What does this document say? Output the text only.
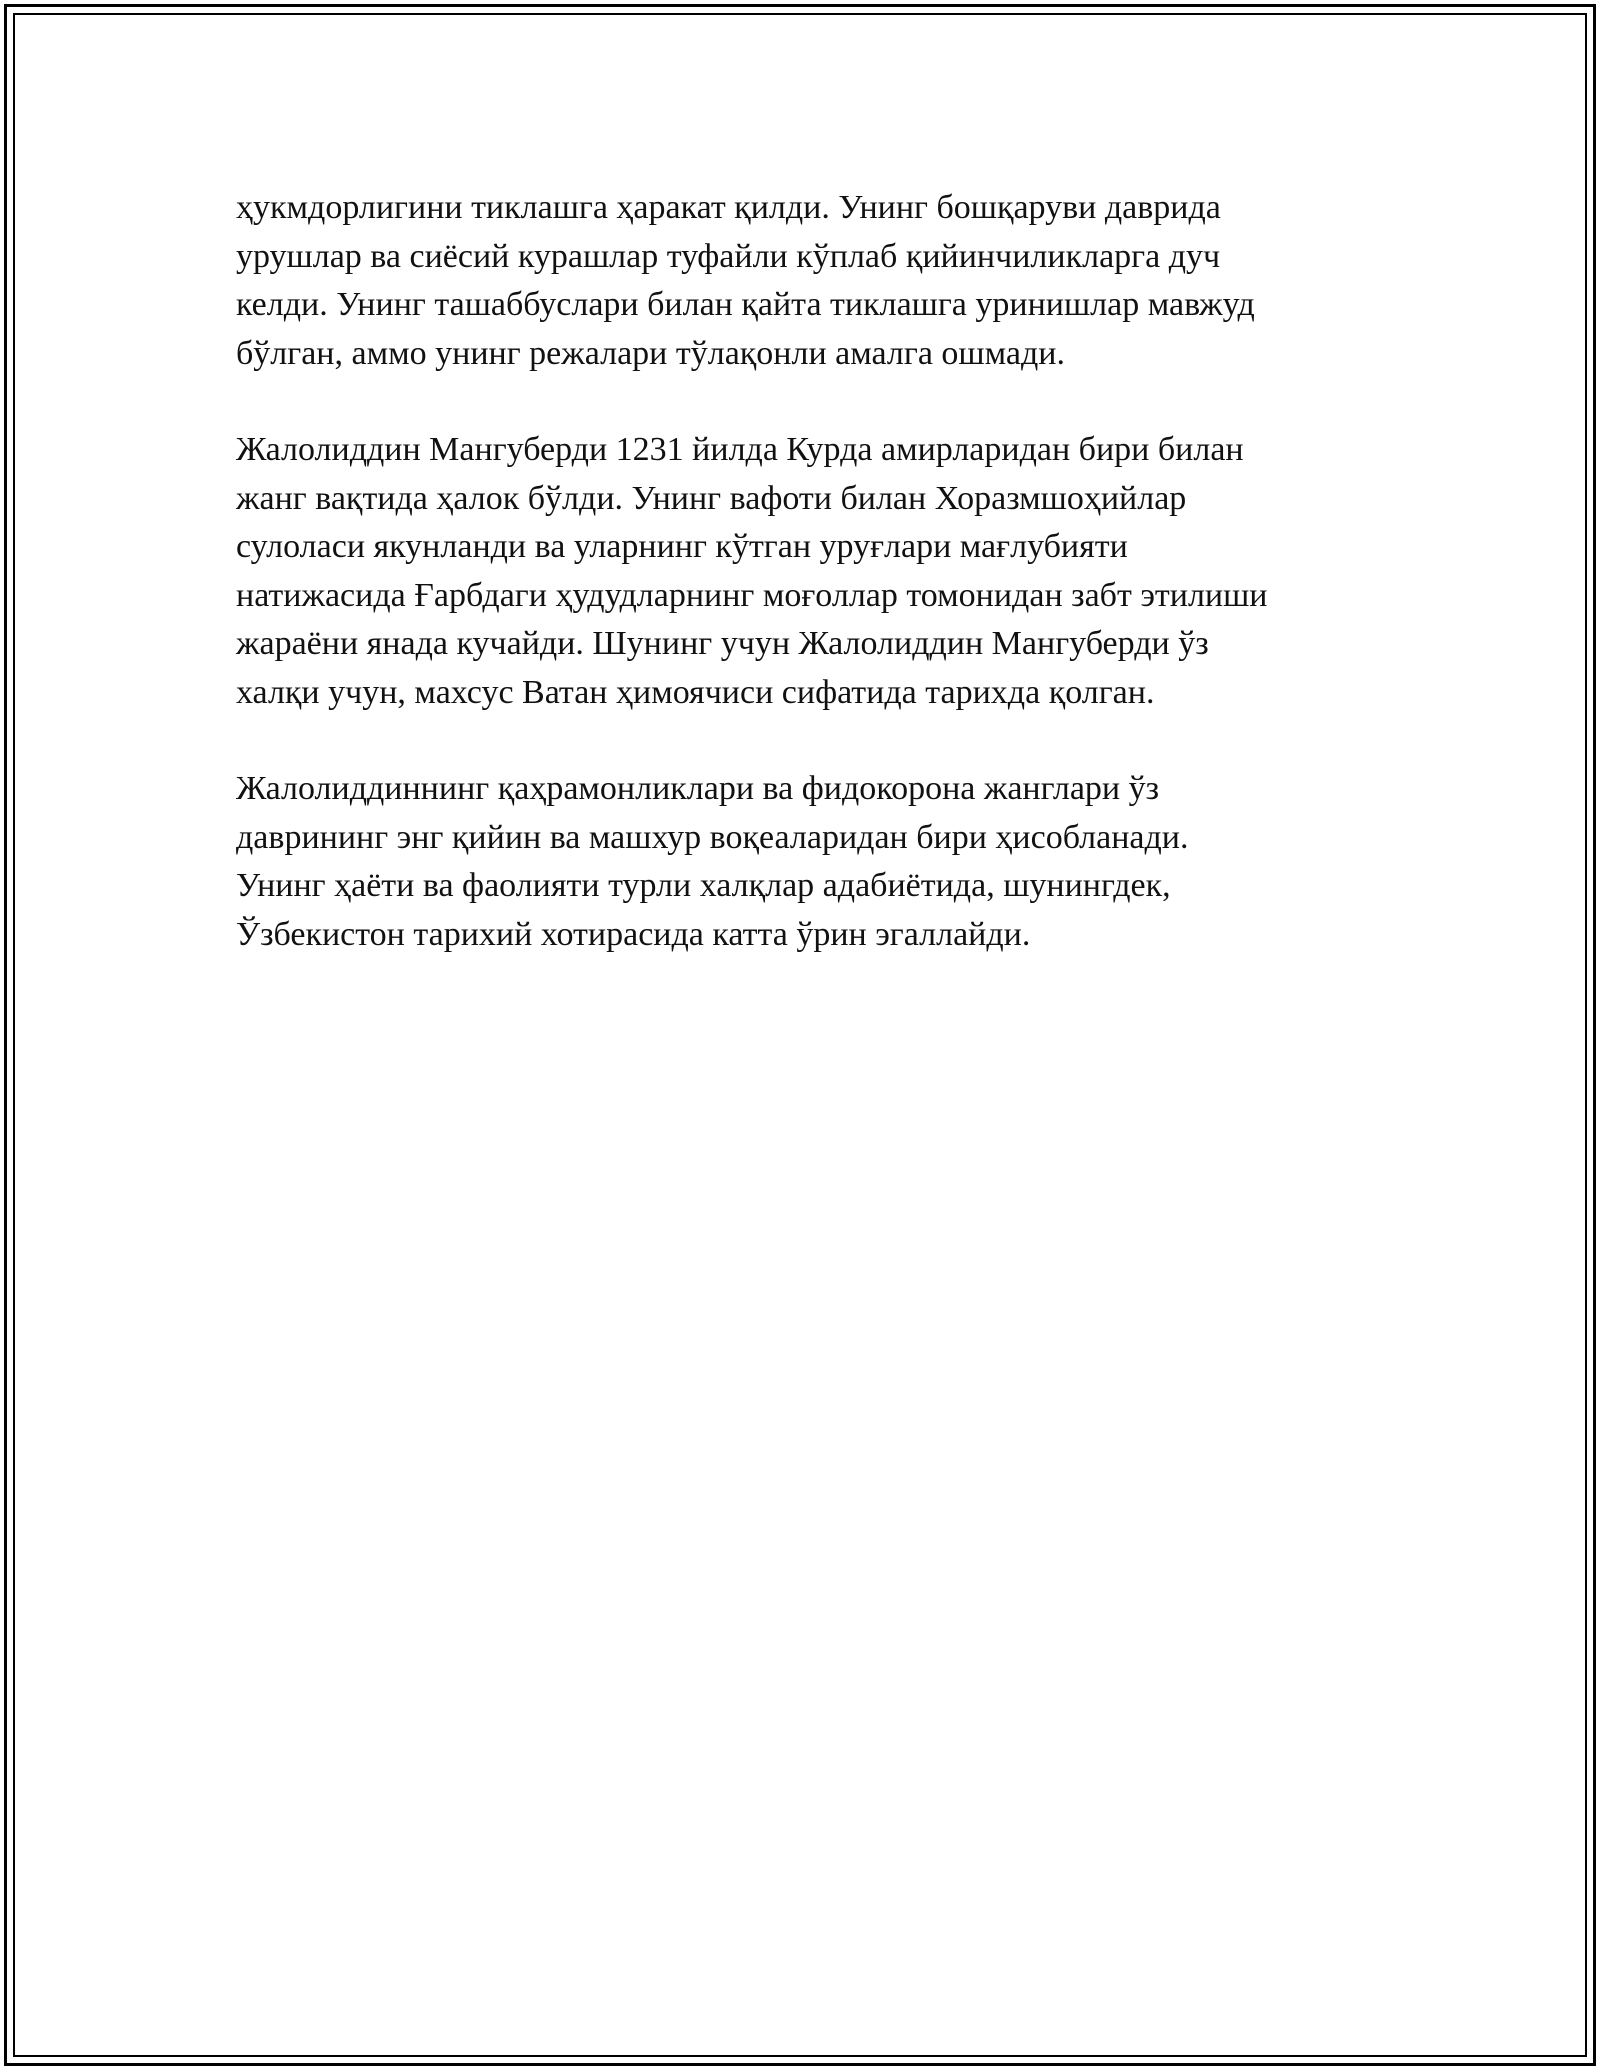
ҳукмдорлигини тиклашга ҳаракат қилди. Унинг бошқаруви даврида
урушлар ва сиёсий курашлар туфайли кўплаб қийинчиликларга дуч
келди. Унинг ташаббуслари билан қайта тиклашга уринишлар мавжуд
бўлган, аммо унинг режалари тўлақонли амалга ошмади.

Жалолиддин Мангуберди 1231 йилда Курда амирларидан бири билан
жанг вақтида ҳалок бўлди. Унинг вафоти билан Хоразмшоҳийлар
сулоласи якунланди ва уларнинг кўтган уруғлари мағлубияти
натижасида Ғарбдаги ҳудудларнинг моғоллар томонидан забт этилиши
жараёни янада кучайди. Шунинг учун Жалолиддин Мангуберди ўз
халқи учун, махсус Ватан ҳимоячиси сифатида тарихда қолган.

Жалолиддиннинг қаҳрамонликлари ва фидокорона жанглари ўз
даврининг энг қийин ва машхур воқеаларидан бири ҳисобланади.
Унинг ҳаёти ва фаолияти турли халқлар адабиётида, шунингдек,
Ўзбекистон тарихий хотирасида катта ўрин эгаллайди.
